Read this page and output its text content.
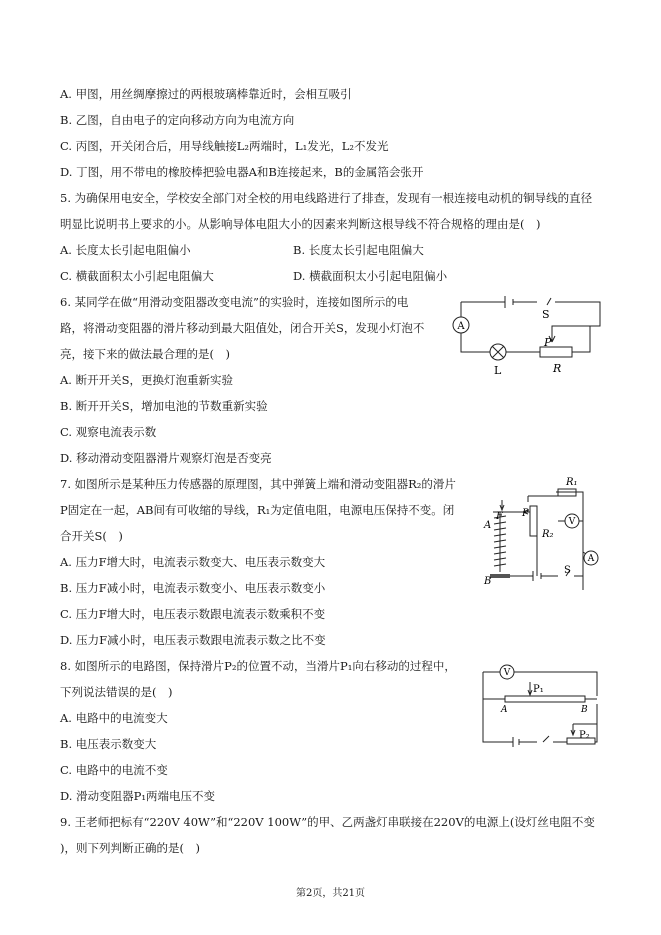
A. 甲图，用丝绸摩擦过的两根玻璃棒靠近时，会相互吸引
B. 乙图，自由电子的定向移动方向为电流方向
C. 丙图，开关闭合后，用导线触接L₂两端时，L₁发光，L₂不发光
D. 丁图，用不带电的橡胶棒把验电器A和B连接起来，B的金属箔会张开
5. 为确保用电安全，学校安全部门对全校的用电线路进行了排查，发现有一根连接电动机的铜导线的直径
明显比说明书上要求的小。从影响导体电阻大小的因素来判断这根导线不符合规格的理由是(　)
A. 长度太长引起电阻偏小	B. 长度太长引起电阻偏大
C. 横截面积太小引起电阻偏大	D. 横截面积太小引起电阻偏小
6. 某同学在做“用滑动变阻器改变电流”的实验时，连接如图所示的电
路，将滑动变阻器的滑片移动到最大阻值处，闭合开关S，发现小灯泡不
亮，接下来的做法最合理的是(　)
A. 断开开关S，更换灯泡重新实验
B. 断开开关S，增加电池的节数重新实验
C. 观察电流表示数
D. 移动滑动变阻器滑片观察灯泡是否变亮
A
S
P
L	R
7. 如图所示是某种压力传感器的原理图，其中弹簧上端和滑动变阻器R₂的滑片
P固定在一起，AB间有可收缩的导线，R₁为定值电阻，电源电压保持不变。闭
合开关S(　)
A. 压力F增大时，电流表示数变大、电压表示数变大
B. 压力F减小时，电流表示数变小、电压表示数变小
C. 压力F增大时，电压表示数跟电流表示数乘积不变
D. 压力F减小时，电压表示数跟电流表示数之比不变
R₁
R₂
F
A
P
V
B
S
A
8. 如图所示的电路图，保持滑片P₂的位置不动，当滑片P₁向右移动的过程中，
下列说法错误的是(　)
A. 电路中的电流变大
B. 电压表示数变大
C. 电路中的电流不变
D. 滑动变阻器P₁两端电压不变
V
P₁
A	B
P₂
9. 王老师把标有“220V 40W”和“220V 100W”的甲、乙两盏灯串联接在220V的电源上(设灯丝电阻不变
)，则下列判断正确的是(　)
第2页，共21页
